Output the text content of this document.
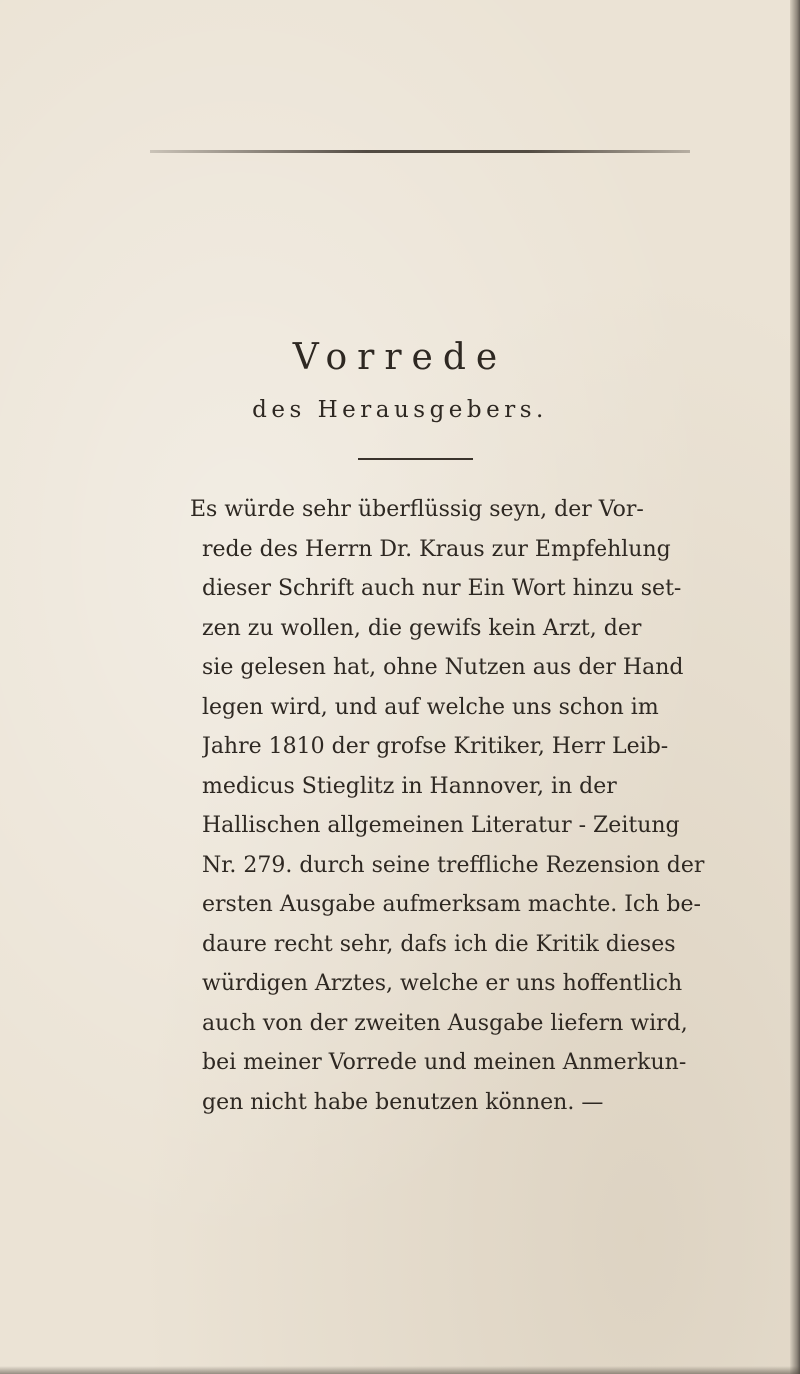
Vorrede
des Herausgebers.
Es würde sehr überflüssig seyn, der Vor-
rede des Herrn Dr. Kraus zur Empfehlung
dieser Schrift auch nur Ein Wort hinzu set-
zen zu wollen, die gewifs kein Arzt, der
sie gelesen hat, ohne Nutzen aus der Hand
legen wird, und auf welche uns schon im
Jahre 1810 der grofse Kritiker, Herr Leib-
medicus Stieglitz in Hannover, in der
Hallischen allgemeinen Literatur - Zeitung
Nr. 279. durch seine treffliche Rezension der
ersten Ausgabe aufmerksam machte. Ich be-
daure recht sehr, dafs ich die Kritik dieses
würdigen Arztes, welche er uns hoffentlich
auch von der zweiten Ausgabe liefern wird,
bei meiner Vorrede und meinen Anmerkun-
gen nicht habe benutzen können. —
